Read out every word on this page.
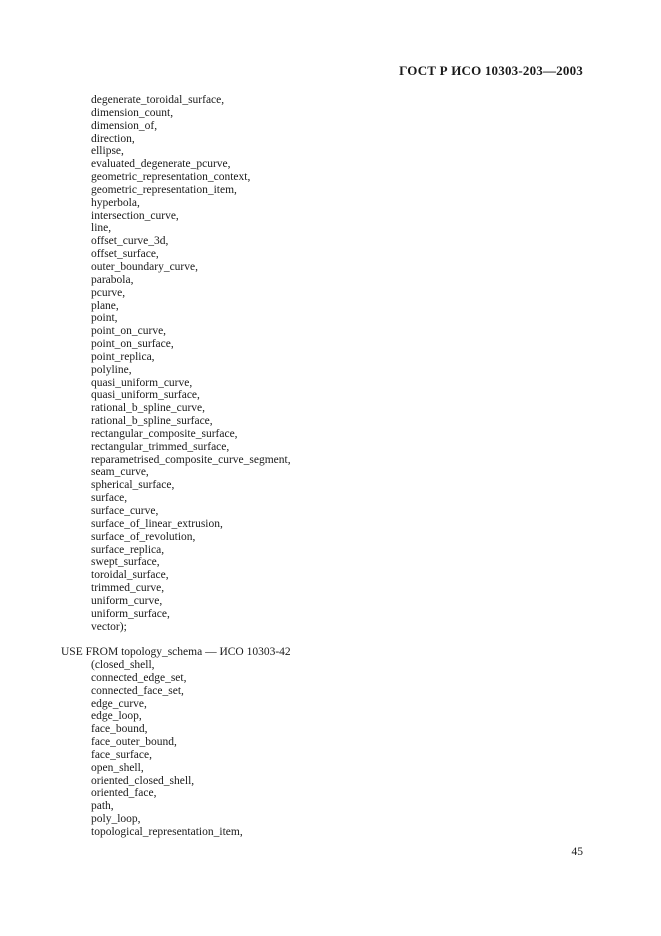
ГОСТ Р ИСО 10303-203—2003
degenerate_toroidal_surface,
dimension_count,
dimension_of,
direction,
ellipse,
evaluated_degenerate_pcurve,
geometric_representation_context,
geometric_representation_item,
hyperbola,
intersection_curve,
line,
offset_curve_3d,
offset_surface,
outer_boundary_curve,
parabola,
pcurve,
plane,
point,
point_on_curve,
point_on_surface,
point_replica,
polyline,
quasi_uniform_curve,
quasi_uniform_surface,
rational_b_spline_curve,
rational_b_spline_surface,
rectangular_composite_surface,
rectangular_trimmed_surface,
reparametrised_composite_curve_segment,
seam_curve,
spherical_surface,
surface,
surface_curve,
surface_of_linear_extrusion,
surface_of_revolution,
surface_replica,
swept_surface,
toroidal_surface,
trimmed_curve,
uniform_curve,
uniform_surface,
vector);
USE FROM topology_schema — ИСО 10303-42
(closed_shell,
connected_edge_set,
connected_face_set,
edge_curve,
edge_loop,
face_bound,
face_outer_bound,
face_surface,
open_shell,
oriented_closed_shell,
oriented_face,
path,
poly_loop,
topological_representation_item,
45
